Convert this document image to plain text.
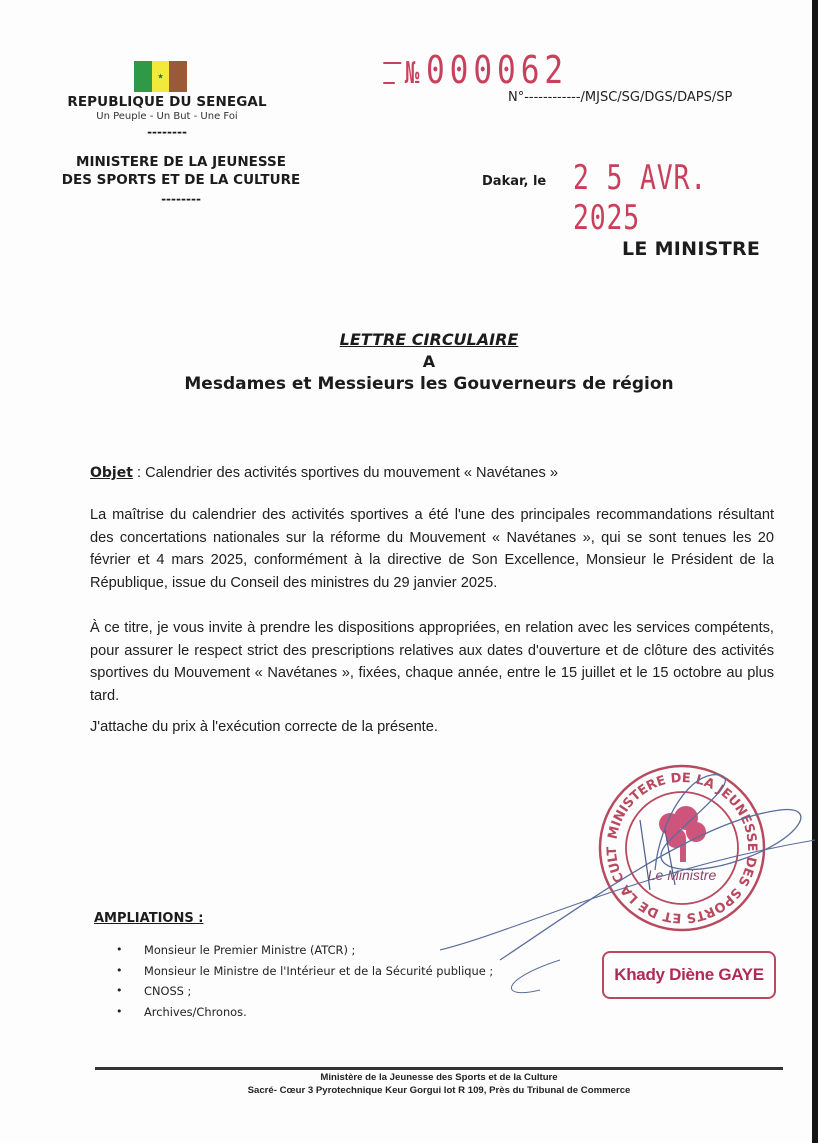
★
REPUBLIQUE DU SENEGAL
Un Peuple - Un But - Une Foi
--------
MINISTERE DE LA JEUNESSE
DES SPORTS ET DE LA CULTURE
--------
№ 000062
N°------------/MJSC/SG/DGS/DAPS/SP
Dakar, le 2 5 AVR. 2025
LE MINISTRE
LETTRE CIRCULAIRE
A
Mesdames et Messieurs les Gouverneurs de région
Objet : Calendrier des activités sportives du mouvement « Navétanes »
La maîtrise du calendrier des activités sportives a été l'une des principales recommandations résultant des concertations nationales sur la réforme du Mouvement « Navétanes », qui se sont tenues les 20 février et 4 mars 2025, conformément à la directive de Son Excellence, Monsieur le Président de la République, issue du Conseil des ministres du 29 janvier 2025.
À ce titre, je vous invite à prendre les dispositions appropriées, en relation avec les services compétents, pour assurer le respect strict des prescriptions relatives aux dates d'ouverture et de clôture des activités sportives du Mouvement « Navétanes », fixées, chaque année, entre le 15 juillet et le 15 octobre au plus tard.
J'attache du prix à l'exécution correcte de la présente.
MINISTERE DE LA JEUNESSE DES SPORTS ET DE LA CULT
Le Ministre
Khady Diène GAYE
AMPLIATIONS :
• Monsieur le Premier Ministre (ATCR) ;
• Monsieur le Ministre de l'Intérieur et de la Sécurité publique ;
• CNOSS ;
• Archives/Chronos.
Ministère de la Jeunesse des Sports et de la Culture
Sacré- Cœur 3 Pyrotechnique Keur Gorgui lot R 109, Près du Tribunal de Commerce
